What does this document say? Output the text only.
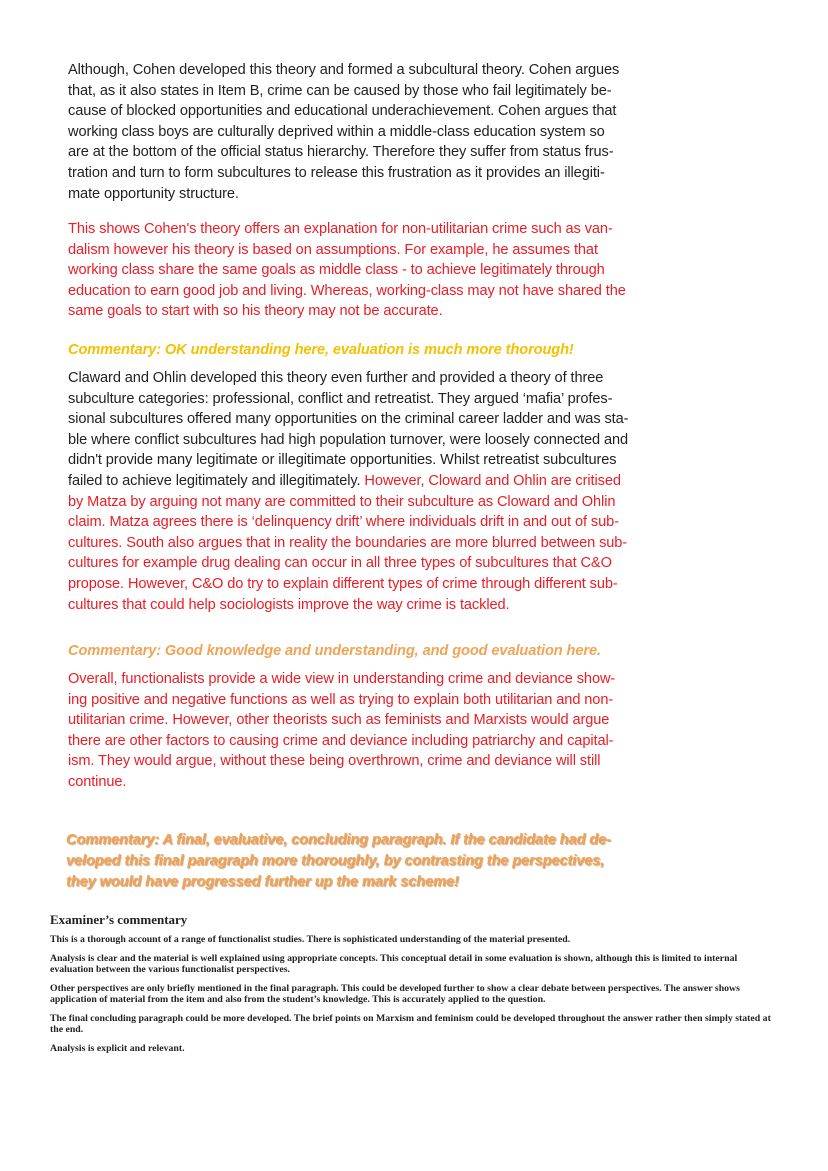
Although, Cohen developed this theory and formed a subcultural theory. Cohen argues
that, as it also states in Item B, crime can be caused by those who fail legitimately be-
cause of blocked opportunities and educational underachievement. Cohen argues that
working class boys are culturally deprived within a middle-class education system so
are at the bottom of the official status hierarchy. Therefore they suffer from status frus-
tration and turn to form subcultures to release this frustration as it provides an illegiti-
mate opportunity structure.
This shows Cohen's theory offers an explanation for non-utilitarian crime such as van-
dalism however his theory is based on assumptions. For example, he assumes that
working class share the same goals as middle class - to achieve legitimately through
education to earn good job and living. Whereas, working-class may not have shared the
same goals to start with so his theory may not be accurate.
Commentary: OK understanding here, evaluation is much more thorough!
Claward and Ohlin developed this theory even further and provided a theory of three
subculture categories: professional, conflict and retreatist. They argued ‘mafia’ profes-
sional subcultures offered many opportunities on the criminal career ladder and was sta-
ble where conflict subcultures had high population turnover, were loosely connected and
didn't provide many legitimate or illegitimate opportunities. Whilst retreatist subcultures
failed to achieve legitimately and illegitimately. However, Cloward and Ohlin are critised
by Matza by arguing not many are committed to their subculture as Cloward and Ohlin
claim. Matza agrees there is ‘delinquency drift’ where individuals drift in and out of sub-
cultures. South also argues that in reality the boundaries are more blurred between sub-
cultures for example drug dealing can occur in all three types of subcultures that C&O
propose. However, C&O do try to explain different types of crime through different sub-
cultures that could help sociologists improve the way crime is tackled.
Commentary: Good knowledge and understanding, and good evaluation here.
Overall, functionalists provide a wide view in understanding crime and deviance show-
ing positive and negative functions as well as trying to explain both utilitarian and non-
utilitarian crime. However, other theorists such as feminists and Marxists would argue
there are other factors to causing crime and deviance including patriarchy and capital-
ism. They would argue, without these being overthrown, crime and deviance will still
continue.
Commentary: A final, evaluative, concluding paragraph. If the candidate had de-
veloped this final paragraph more thoroughly, by contrasting the perspectives,
they would have progressed further up the mark scheme!
Examiner’s commentary

This is a thorough account of a range of functionalist studies. There is sophisticated understanding of the material presented.

Analysis is clear and the material is well explained using appropriate concepts. This conceptual detail in some evaluation is shown, although this is limited to internal evaluation between the various functionalist perspectives.

Other perspectives are only briefly mentioned in the final paragraph. This could be developed further to show a clear debate between perspectives. The answer shows application of material from the item and also from the student’s knowledge. This is accurately applied to the question.

The final concluding paragraph could be more developed. The brief points on Marxism and feminism could be developed throughout the answer rather then simply stated at the end.

Analysis is explicit and relevant.
